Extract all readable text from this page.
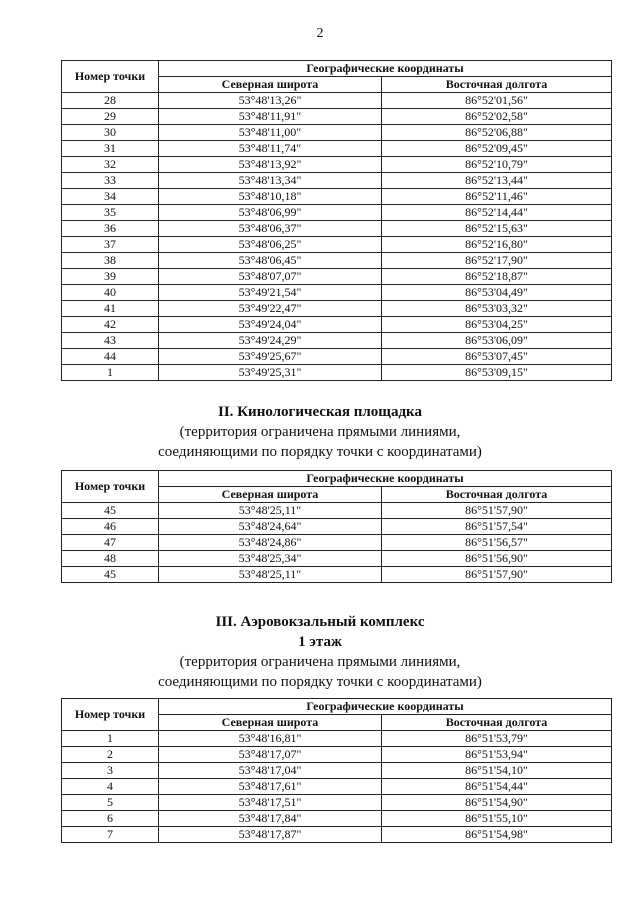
2
Номер точки	Географические координаты	
	Северная широта	Восточная долгота
28	53°48'13,26"	86°52'01,56"
29	53°48'11,91"	86°52'02,58"
30	53°48'11,00"	86°52'06,88"
31	53°48'11,74"	86°52'09,45"
32	53°48'13,92"	86°52'10,79"
33	53°48'13,34"	86°52'13,44"
34	53°48'10,18"	86°52'11,46"
35	53°48'06,99"	86°52'14,44"
36	53°48'06,37"	86°52'15,63"
37	53°48'06,25"	86°52'16,80"
38	53°48'06,45"	86°52'17,90"
39	53°48'07,07"	86°52'18,87"
40	53°49'21,54"	86°53'04,49"
41	53°49'22,47"	86°53'03,32"
42	53°49'24,04"	86°53'04,25"
43	53°49'24,29"	86°53'06,09"
44	53°49'25,67"	86°53'07,45"
1	53°49'25,31"	86°53'09,15"
II. Кинологическая площадка
(территория ограничена прямыми линиями,
соединяющими по порядку точки с координатами)
Номер точки	Географические координаты	
	Северная широта	Восточная долгота
45	53°48'25,11"	86°51'57,90"
46	53°48'24,64"	86°51'57,54"
47	53°48'24,86"	86°51'56,57"
48	53°48'25,34"	86°51'56,90"
45	53°48'25,11"	86°51'57,90"
III. Аэровокзальный комплекс
1 этаж
(территория ограничена прямыми линиями,
соединяющими по порядку точки с координатами)
Номер точки	Географические координаты	
	Северная широта	Восточная долгота
1	53°48'16,81"	86°51'53,79"
2	53°48'17,07"	86°51'53,94"
3	53°48'17,04"	86°51'54,10"
4	53°48'17,61"	86°51'54,44"
5	53°48'17,51"	86°51'54,90"
6	53°48'17,84"	86°51'55,10"
7	53°48'17,87"	86°51'54,98"
